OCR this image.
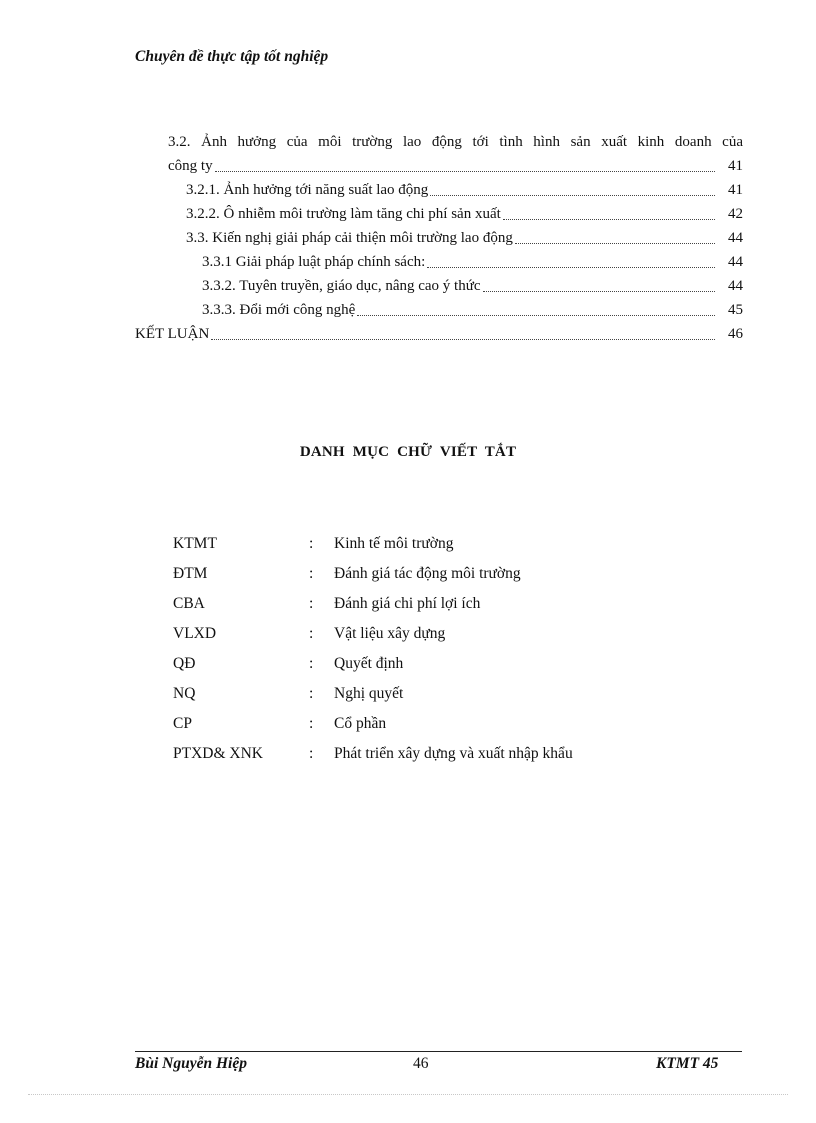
Chuyên đề thực tập tốt nghiệp
3.2. Ảnh hưởng của môi trường lao động tới tình hình sản xuất kinh doanh của
công ty	41
3.2.1. Ảnh hưởng tới năng suất lao động	41
3.2.2. Ô nhiễm môi trường làm tăng chi phí sản xuất	42
3.3. Kiến nghị giải pháp cải thiện môi trường lao động	44
3.3.1 Giải pháp luật pháp chính sách:	44
3.3.2. Tuyên truyền, giáo dục, nâng cao ý thức	44
3.3.3. Đổi mới công nghệ	45
KẾT LUẬN	46
DANH MỤC CHỮ VIẾT TẮT
KTMT	:	Kinh tế môi trường
ĐTM	:	Đánh giá tác động môi trường
CBA	:	Đánh giá chi phí lợi ích
VLXD	:	Vật liệu xây dựng
QĐ	:	Quyết định
NQ	:	Nghị quyết
CP	:	Cổ phần
PTXD& XNK	:	Phát triển xây dựng và xuất nhập khẩu
Bùi Nguyễn Hiệp	46	KTMT 45
